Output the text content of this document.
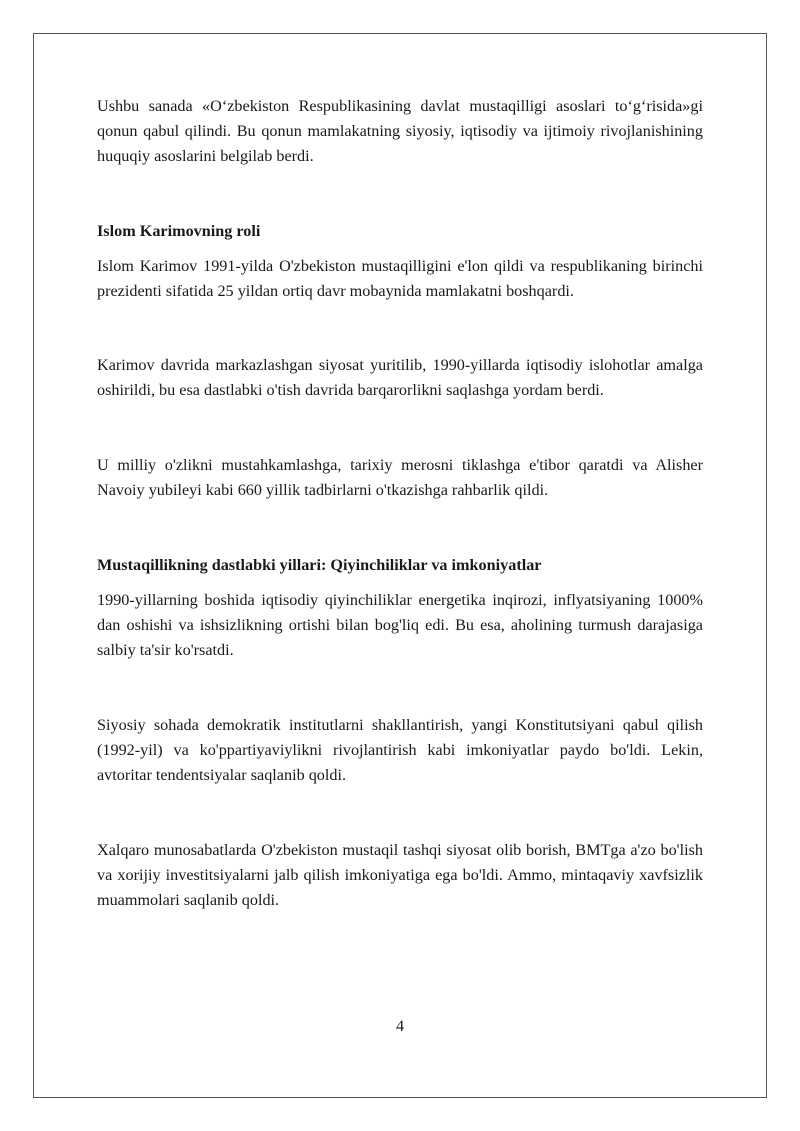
Ushbu sanada «O‘zbekiston Respublikasining davlat mustaqilligi asoslari to‘g‘risida»gi qonun qabul qilindi. Bu qonun mamlakatning siyosiy, iqtisodiy va ijtimoiy rivojlanishining huquqiy asoslarini belgilab berdi.

Islom Karimovning roli

Islom Karimov 1991-yilda O'zbekiston mustaqilligini e'lon qildi va respublikaning birinchi prezidenti sifatida 25 yildan ortiq davr mobaynida mamlakatni boshqardi.

Karimov davrida markazlashgan siyosat yuritilib, 1990-yillarda iqtisodiy islohotlar amalga oshirildi, bu esa dastlabki o'tish davrida barqarorlikni saqlashga yordam berdi.

U milliy o'zlikni mustahkamlashga, tarixiy merosni tiklashga e'tibor qaratdi va Alisher Navoiy yubileyi kabi 660 yillik tadbirlarni o'tkazishga rahbarlik qildi.

Mustaqillikning dastlabki yillari: Qiyinchiliklar va imkoniyatlar

1990-yillarning boshida iqtisodiy qiyinchiliklar energetika inqirozi, inflyatsiyaning 1000% dan oshishi va ishsizlikning ortishi bilan bog'liq edi. Bu esa, aholining turmush darajasiga salbiy ta'sir ko'rsatdi.

Siyosiy sohada demokratik institutlarni shakllantirish, yangi Konstitutsiyani qabul qilish (1992-yil) va ko'ppartiyaviylikni rivojlantirish kabi imkoniyatlar paydo bo'ldi. Lekin, avtoritar tendentsiyalar saqlanib qoldi.

Xalqaro munosabatlarda O'zbekiston mustaqil tashqi siyosat olib borish, BMTga a'zo bo'lish va xorijiy investitsiyalarni jalb qilish imkoniyatiga ega bo'ldi. Ammo, mintaqaviy xavfsizlik muammolari saqlanib qoldi.

4
